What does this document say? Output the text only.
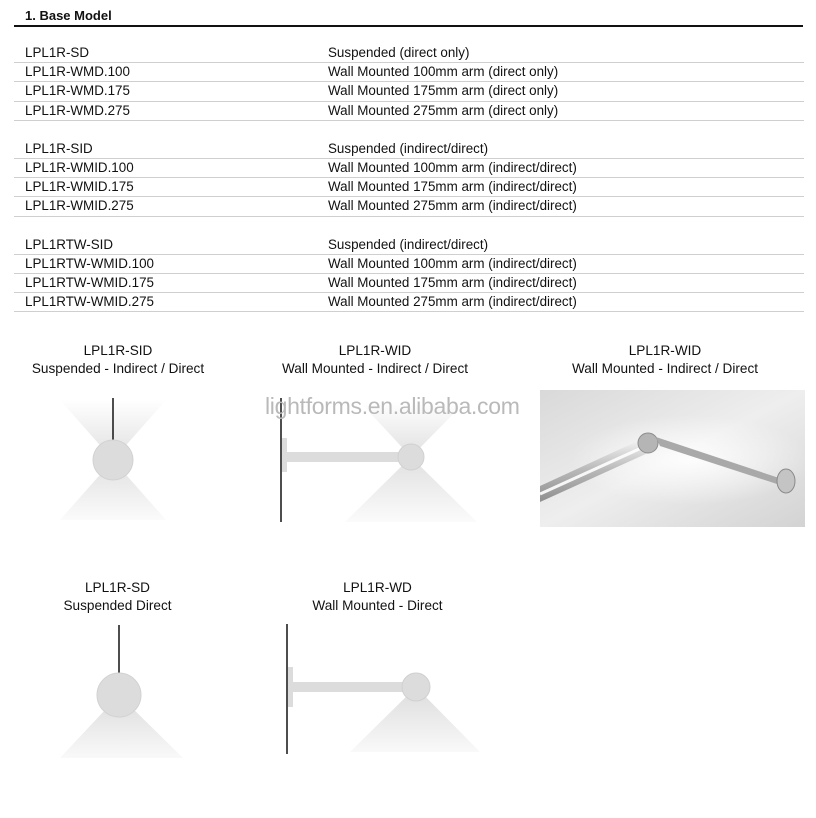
1. Base Model
LPL1R-SD	Suspended (direct only)
LPL1R-WMD.100	Wall Mounted 100mm arm (direct only)
LPL1R-WMD.175	Wall Mounted 175mm arm (direct only)
LPL1R-WMD.275	Wall Mounted 275mm arm (direct only)
LPL1R-SID	Suspended (indirect/direct)
LPL1R-WMID.100	Wall Mounted 100mm arm (indirect/direct)
LPL1R-WMID.175	Wall Mounted 175mm arm (indirect/direct)
LPL1R-WMID.275	Wall Mounted 275mm arm (indirect/direct)
LPL1RTW-SID	Suspended (indirect/direct)
LPL1RTW-WMID.100	Wall Mounted 100mm arm (indirect/direct)
LPL1RTW-WMID.175	Wall Mounted 175mm arm (indirect/direct)
LPL1RTW-WMID.275	Wall Mounted 275mm arm (indirect/direct)
LPL1R-SID
Suspended - Indirect / Direct
LPL1R-WID
Wall Mounted - Indirect / Direct
LPL1R-WID
Wall Mounted - Indirect / Direct
LPL1R-SD
Suspended Direct
LPL1R-WD
Wall Mounted - Direct
lightforms.en.alibaba.com
